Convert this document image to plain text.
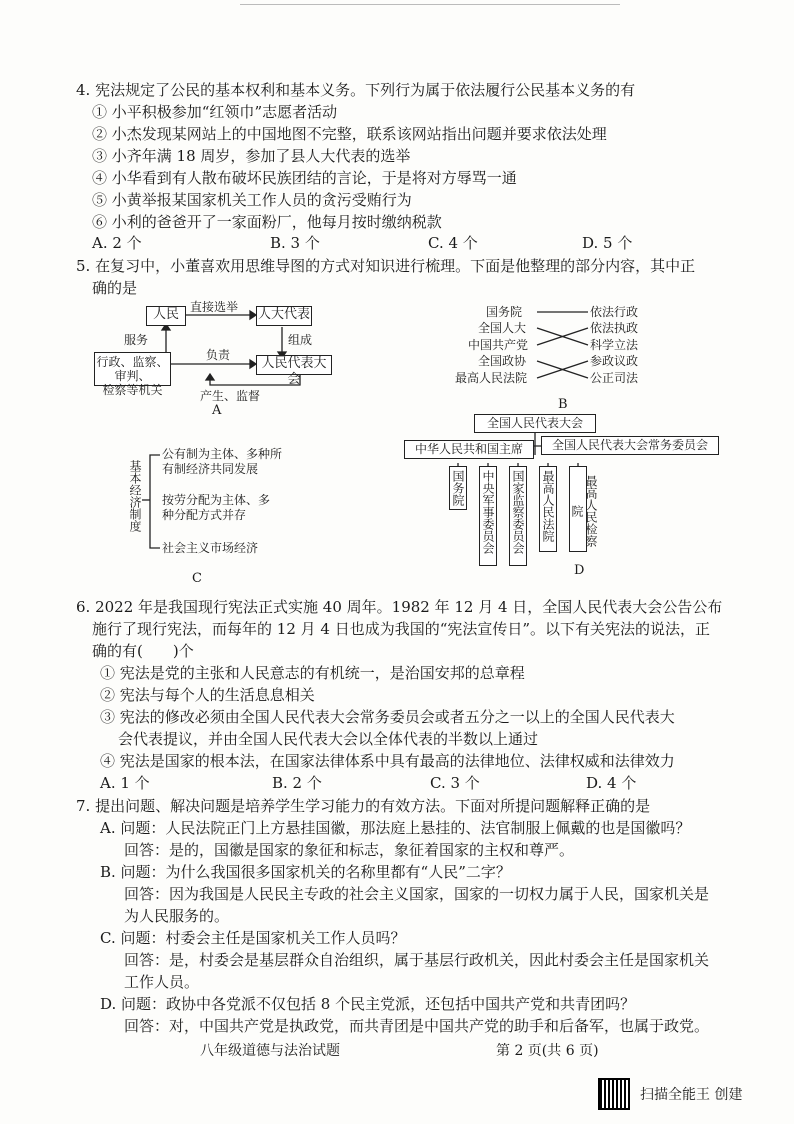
4. 宪法规定了公民的基本权利和基本义务。下列行为属于依法履行公民基本义务的有
① 小平积极参加“红领巾”志愿者活动
② 小杰发现某网站上的中国地图不完整，联系该网站指出问题并要求依法处理
③ 小齐年满 18 周岁，参加了县人大代表的选举
④ 小华看到有人散布破坏民族团结的言论，于是将对方辱骂一通
⑤ 小黄举报某国家机关工作人员的贪污受贿行为
⑥ 小利的爸爸开了一家面粉厂，他每月按时缴纳税款
A. 2 个	B. 3 个	C. 4 个	D. 5 个
5. 在复习中，小董喜欢用思维导图的方式对知识进行梳理。下面是他整理的部分内容，其中正
确的是
人民 直接选举 人大代表
服务	组成
行政、监察、审判、
检察等机关
负责
人民代表大会
产生、监督
A
国务院
全国人大
中国共产党
全国政协
最高人民法院
依法行政
依法执政
科学立法
参政议政
公正司法
B
基本经济制度
公有制为主体、多种所
有制经济共同发展
按劳分配为主体、多
种分配方式并存
社会主义市场经济
C
全国人民代表大会
中华人民共和国主席	全国人民代表大会常务委员会
国务院 中央军事委员会 国家监察委员会 最高人民法院	最高人民检察院
D
6. 2022 年是我国现行宪法正式实施 40 周年。1982 年 12 月 4 日，全国人民代表大会公告公布
施行了现行宪法，而每年的 12 月 4 日也成为我国的“宪法宣传日”。以下有关宪法的说法，正
确的有(　　)个
① 宪法是党的主张和人民意志的有机统一，是治国安邦的总章程
② 宪法与每个人的生活息息相关
③ 宪法的修改必须由全国人民代表大会常务委员会或者五分之一以上的全国人民代表大
会代表提议，并由全国人民代表大会以全体代表的半数以上通过
④ 宪法是国家的根本法，在国家法律体系中具有最高的法律地位、法律权威和法律效力
A. 1 个	B. 2 个	C. 3 个	D. 4 个
7. 提出问题、解决问题是培养学生学习能力的有效方法。下面对所提问题解释正确的是
A. 问题：人民法院正门上方悬挂国徽，那法庭上悬挂的、法官制服上佩戴的也是国徽吗？
回答：是的，国徽是国家的象征和标志，象征着国家的主权和尊严。
B. 问题：为什么我国很多国家机关的名称里都有“人民”二字？
回答：因为我国是人民民主专政的社会主义国家，国家的一切权力属于人民，国家机关是
为人民服务的。
C. 问题：村委会主任是国家机关工作人员吗？
回答：是，村委会是基层群众自治组织，属于基层行政机关，因此村委会主任是国家机关
工作人员。
D. 问题：政协中各党派不仅包括 8 个民主党派，还包括中国共产党和共青团吗？
回答：对，中国共产党是执政党，而共青团是中国共产党的助手和后备军，也属于政党。
八年级道德与法治试题	第 2 页(共 6 页)
扫描全能王 创建
